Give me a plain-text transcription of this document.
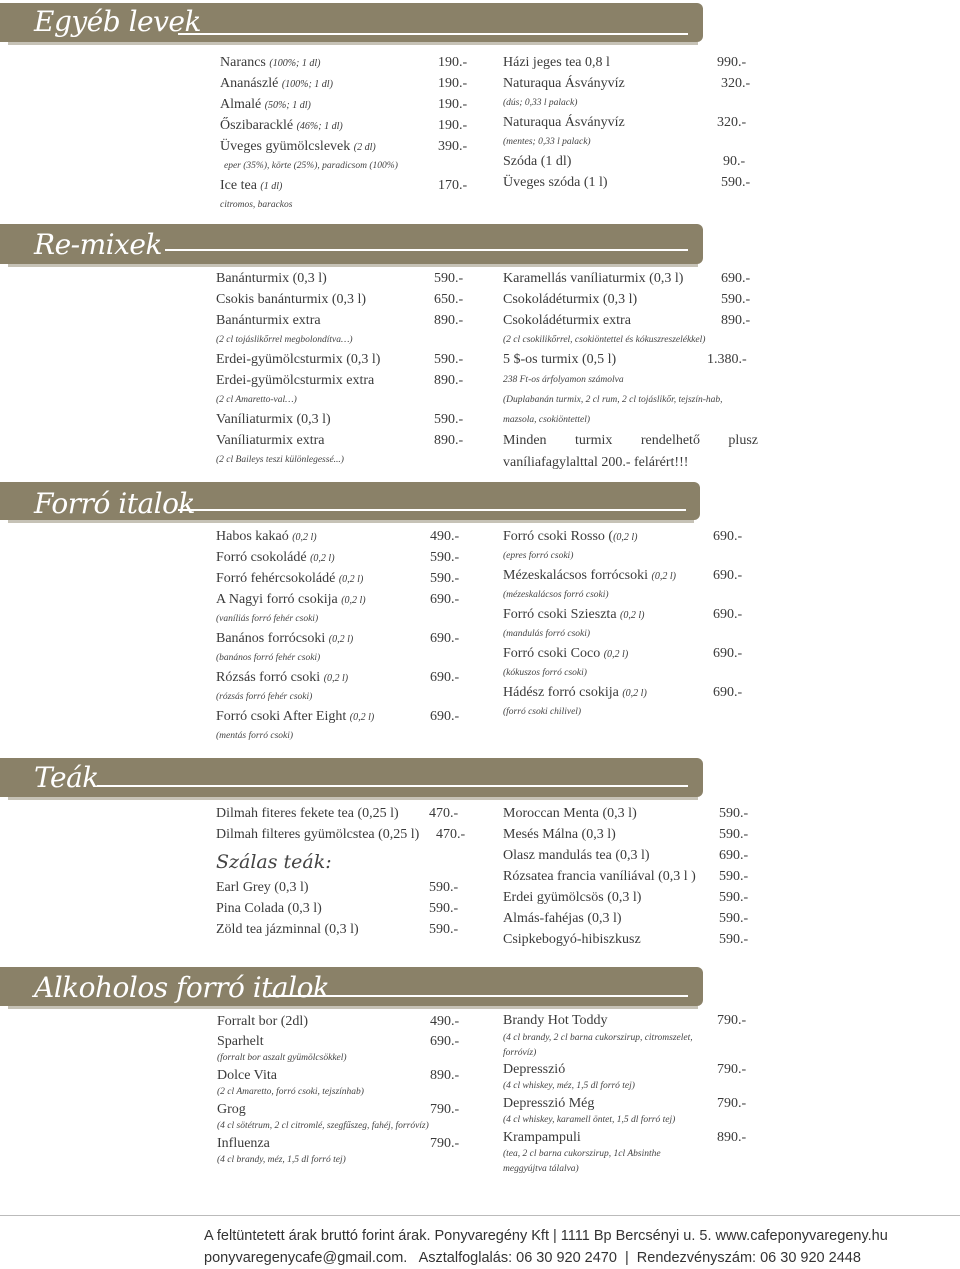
Egyéb levek
Re-mixek
Forró italok
Teák
Alkoholos forró italok
Narancs (100%; 1 dl)	190.-
Ananászlé (100%; 1 dl)	190.-
Almalé (50%; 1 dl)	190.-
Őszibaracklé (46%; 1 dl)	190.-
Üveges gyümölcslevek (2 dl)	390.-
eper (35%), körte (25%), paradicsom (100%)
Ice tea (1 dl)	170.-
citromos, barackos
Házi jeges tea 0,8 l	990.-
Naturaqua Ásványvíz	320.-
(dús; 0,33 l palack)
Naturaqua Ásványvíz	320.-
(mentes; 0,33 l palack)
Szóda (1 dl)	90.-
Üveges szóda (1 l)	590.-
Banánturmix (0,3 l)	590.-
Csokis banánturmix (0,3 l)	650.-
Banánturmix extra	890.-
(2 cl tojáslikőrrel megbolondítva…)
Erdei-gyümölcsturmix (0,3 l)	590.-
Erdei-gyümölcsturmix extra	890.-
(2 cl Amaretto-val…)
Vaníliaturmix (0,3 l)	590.-
Vaníliaturmix extra	890.-
(2 cl Baileys teszi különlegessé...)
Karamellás vaníliaturmix (0,3 l)	690.-
Csokoládéturmix (0,3 l)	590.-
Csokoládéturmix extra	890.-
(2 cl csokilikőrrel, csokiöntettel és kókuszreszelékkel)
5 $-os turmix (0,5 l)	1.380.-
238 Ft-os árfolyamon számolva
(Duplabanán turmix, 2 cl rum, 2 cl tojáslikőr, tejszín-hab,
mazsola, csokiöntettel)
Minden turmix rendelhető plusz vaníliafagylalttal 200.- felárért!!!
Habos kakaó (0,2 l)	490.-
Forró csokoládé (0,2 l)	590.-
Forró fehércsokoládé (0,2 l)	590.-
A Nagyi forró csokija (0,2 l)	690.-
(vaníliás forró fehér csoki)
Banános forrócsoki (0,2 l)	690.-
(banános forró fehér csoki)
Rózsás forró csoki (0,2 l)	690.-
(rózsás forró fehér csoki)
Forró csoki After Eight (0,2 l)	690.-
(mentás forró csoki)
Forró csoki Rosso ((0,2 l)	690.-
(epres forró csoki)
Mézeskalácsos forrócsoki (0,2 l)	690.-
(mézeskalácsos forró csoki)
Forró csoki Sziesztа (0,2 l)	690.-
(mandulás forró csoki)
Forró csoki Coco (0,2 l)	690.-
(kókuszos forró csoki)
Hádész forró csokija (0,2 l)	690.-
(forró csoki chilivel)
Dilmah fiteres fekete tea (0,25 l) 470.-
Dilmah filteres gyümölcstea (0,25 l) 470.-
Szálas teák:
Earl Grey (0,3 l)	590.-
Pina Colada (0,3 l)	590.-
Zöld tea jázminnal (0,3 l)	590.-
Moroccan Menta (0,3 l)	590.-
Mesés Málna (0,3 l)	590.-
Olasz mandulás tea (0,3 l)	690.-
Rózsatea francia vaníliával (0,3 l ) 590.-
Erdei gyümölcsös (0,3 l)	590.-
Almás-fahéjas (0,3 l)	590.-
Csipkebogyó-hibiszkusz	590.-
Forralt bor (2dl)	490.-
Sparhelt	690.-
(forralt bor aszalt gyümölcsökkel)
Dolce Vita	890.-
(2 cl Amaretto, forró csoki, tejszínhab)
Grog	790.-
(4 cl sötétrum, 2 cl citromlé, szegfűszeg, fahéj, forróvíz)
Influenza	790.-
(4 cl brandy, méz, 1,5 dl forró tej)
Brandy Hot Toddy	790.-
(4 cl brandy, 2 cl barna cukorszirup, citromszelet,
forróvíz)
Depresszió	790.-
(4 cl whiskey, méz, 1,5 dl forró tej)
Depresszió Még	790.-
(4 cl whiskey, karamell öntet, 1,5 dl forró tej)
Krampampuli	890.-
(tea, 2 cl barna cukorszirup, 1cl Absinthe
meggyújtva tálalva)
A feltüntetett árak bruttó forint árak. Ponyvaregény Kft | 1111 Bp Bercsényi u. 5. www.cafeponyvaregeny.hu
ponyvaregenycafe@gmail.com.   Asztalfoglalás: 06 30 920 2470  |  Rendezvényszám: 06 30 920 2448
